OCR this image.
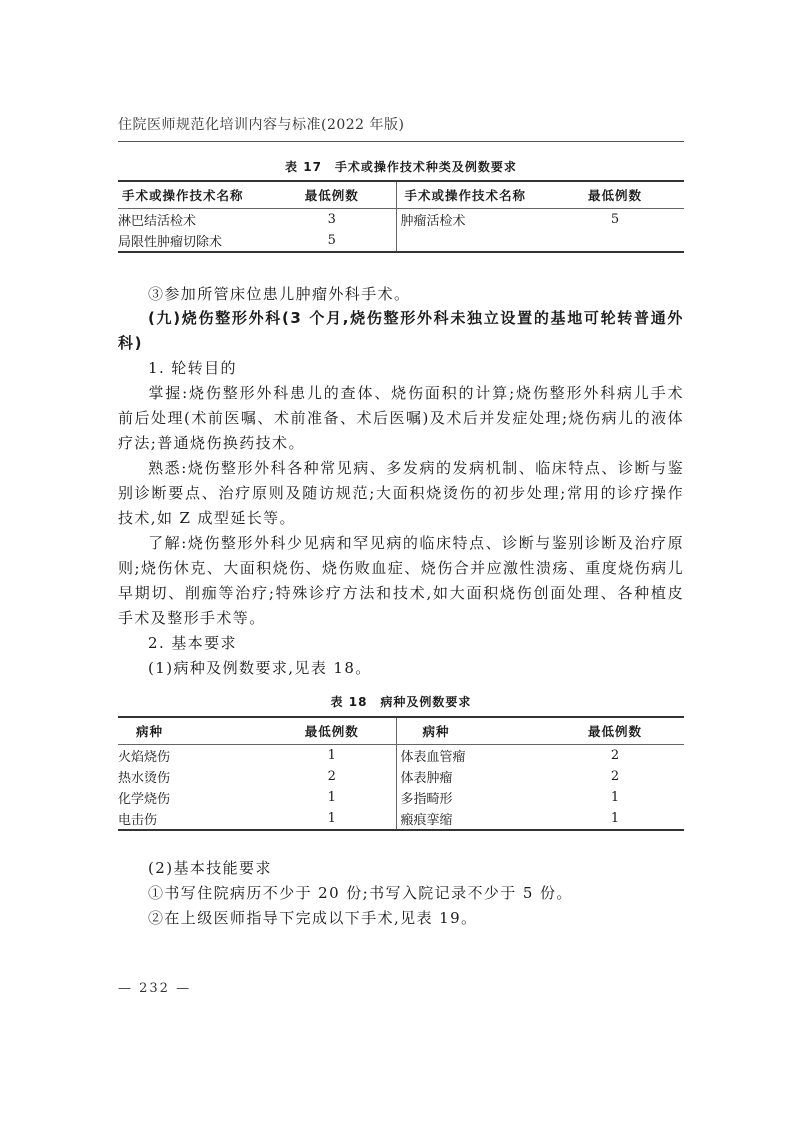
住院医师规范化培训内容与标准(2022 年版)
表 17　手术或操作技术种类及例数要求
手术或操作技术名称	最低例数	手术或操作技术名称	最低例数
淋巴结活检术	3	肿瘤活检术	5
局限性肿瘤切除术	5		
③参加所管床位患儿肿瘤外科手术。
(九)烧伤整形外科(3 个月,烧伤整形外科未独立设置的基地可轮转普通外科)
1. 轮转目的
掌握:烧伤整形外科患儿的查体、烧伤面积的计算;烧伤整形外科病儿手术前后处理(术前医嘱、术前准备、术后医嘱)及术后并发症处理;烧伤病儿的液体疗法;普通烧伤换药技术。
熟悉:烧伤整形外科各种常见病、多发病的发病机制、临床特点、诊断与鉴别诊断要点、治疗原则及随访规范;大面积烧烫伤的初步处理;常用的诊疗操作技术,如 Z 成型延长等。
了解:烧伤整形外科少见病和罕见病的临床特点、诊断与鉴别诊断及治疗原则;烧伤休克、大面积烧伤、烧伤败血症、烧伤合并应激性溃疡、重度烧伤病儿早期切、削痂等治疗;特殊诊疗方法和技术,如大面积烧伤创面处理、各种植皮手术及整形手术等。
2. 基本要求
(1)病种及例数要求,见表 18。
表 18　病种及例数要求
病种	最低例数	病种	最低例数
火焰烧伤	1	体表血管瘤	2
热水烫伤	2	体表肿瘤	2
化学烧伤	1	多指畸形	1
电击伤	1	瘢痕挛缩	1
(2)基本技能要求
①书写住院病历不少于 20 份;书写入院记录不少于 5 份。
②在上级医师指导下完成以下手术,见表 19。
— 232 —
